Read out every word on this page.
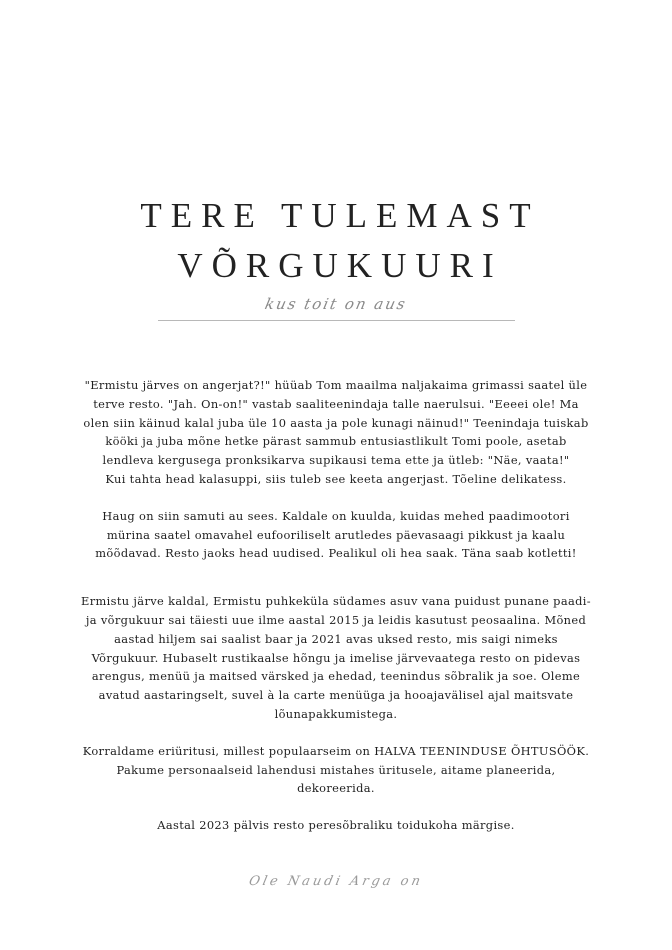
TERE TULEMAST
VÕRGUKUURI
kus toit on aus

"Ermistu järves on angerjat?!" hüüab Tom maailma naljakaima grimassi saatel üle terve resto. "Jah. On-on!" vastab saaliteenindaja talle naerulsui. "Eeeei ole! Ma olen siin käinud kalal juba üle 10 aasta ja pole kunagi näinud!" Teenindaja tuiskab kööki ja juba mõne hetke pärast sammub entusiastlikult Tomi poole, asetab lendleva kergusega pronksikarva supikausi tema ette ja ütleb: "Näe, vaata!"

Kui tahta head kalasuppi, siis tuleb see keeta angerjast. Tõeline delikatess.

Haug on siin samuti au sees. Kaldale on kuulda, kuidas mehed paadimootori mürina saatel omavahel eufooriliselt arutledes päevasaagi pikkust ja kaalu mõõdavad. Resto jaoks head uudised. Pealikul oli hea saak. Täna saab kotletti!

Ermistu järve kaldal, Ermistu puhkeküla südames asuv vana puidust punane paadi- ja võrgukuur sai täiesti uue ilme aastal 2015 ja leidis kasutust peosaalina. Mõned aastad hiljem sai saalist baar ja 2021 avas uksed resto, mis saigi nimeks Võrgukuur. Hubaselt rustikaalse hõngu ja imelise järvevaatega resto on pidevas arengus, menüü ja maitsed värsked ja ehedad, teenindus sõbralik ja soe. Oleme avatud aastaringselt, suvel à la carte menüüga ja hooajavälisel ajal maitsvate lõunapakkumistega.

Korraldame eriüritusi, millest populaarseim on HALVA TEENINDUSE ÕHTUSÖÖK. Pakume personaalseid lahendusi mistahes üritusele, aitame planeerida, dekoreerida.

Aastal 2023 pälvis resto peresõbraliku toidukoha märgise.

Ole Naudi Arga on
